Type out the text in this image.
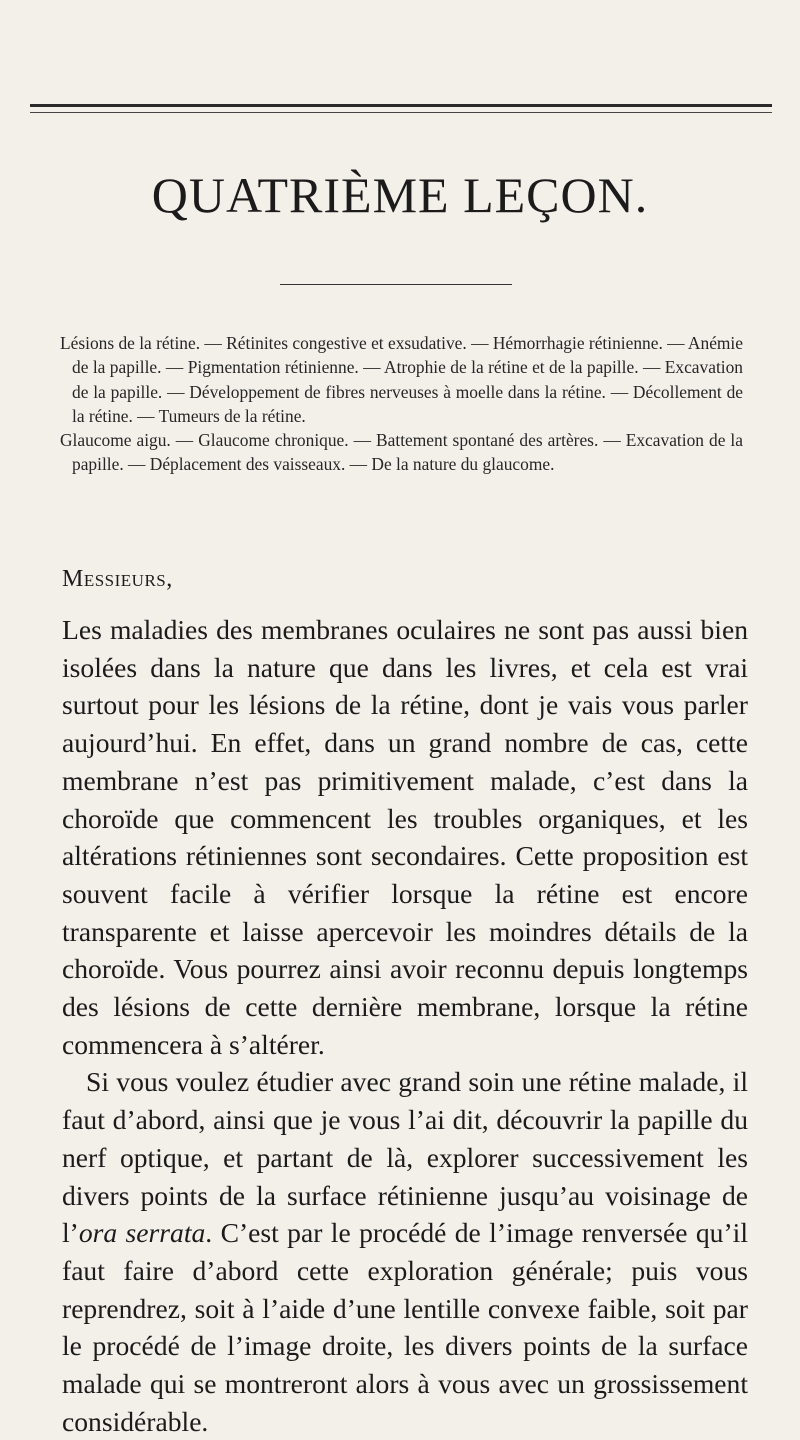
QUATRIÈME LEÇON.

Lésions de la rétine. — Rétinites congestive et exsudative. — Hémorrhagie rétinienne. — Anémie de la papille. — Pigmentation rétinienne. — Atrophie de la rétine et de la papille. — Excavation de la papille. — Développement de fibres nerveuses à moelle dans la rétine. — Décollement de la rétine. — Tumeurs de la rétine.

Glaucome aigu. — Glaucome chronique. — Battement spontané des artères. — Excavation de la papille. — Déplacement des vaisseaux. — De la nature du glaucome.

Messieurs,

Les maladies des membranes oculaires ne sont pas aussi bien isolées dans la nature que dans les livres, et cela est vrai surtout pour les lésions de la rétine, dont je vais vous parler aujourd’hui. En effet, dans un grand nombre de cas, cette membrane n’est pas primitivement malade, c’est dans la choroïde que commencent les troubles organiques, et les altérations rétiniennes sont secondaires. Cette proposition est souvent facile à vérifier lorsque la rétine est encore transparente et laisse apercevoir les moindres détails de la choroïde. Vous pourrez ainsi avoir reconnu depuis longtemps des lésions de cette dernière membrane, lorsque la rétine commencera à s’altérer.

Si vous voulez étudier avec grand soin une rétine malade, il faut d’abord, ainsi que je vous l’ai dit, découvrir la papille du nerf optique, et partant de là, explorer successivement les divers points de la surface rétinienne jusqu’au voisinage de l’ora serrata. C’est par le procédé de l’image renversée qu’il faut faire d’abord cette exploration générale; puis vous reprendrez, soit à l’aide d’une lentille convexe faible, soit par le procédé de l’image droite, les divers points de la surface malade qui se montreront alors à vous avec un grossissement considérable.
